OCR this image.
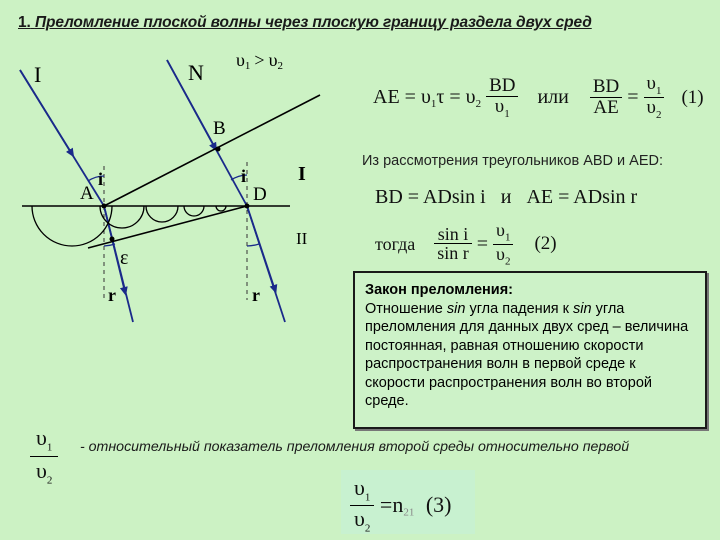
1. Преломление плоской волны через плоскую границу раздела двух сред
I	N
B
A	D
i	i
ε
r	r
I
II
υ1 > υ2
AE = $\upsilon_1\tau = \upsilon_2 \frac{BD}{\upsilon_1}$ или $\frac{BD}{AE} = \frac{\upsilon_1}{\upsilon_2} (1)$
Из рассмотрения треугольников ABD и AED:
BD = ADsin i и AE = ADsin r
тогда $\frac{\text{sin i}}{\text{sin r}} = \frac{\upsilon_1}{\upsilon_2} (2)$
Закон преломления:
Отношение sin угла падения к sin угла преломления для данных двух сред – величина постоянная, равная отношению скорости распространения волн в первой среде к скорости распространения волн во второй среде.
$\frac{\upsilon_1}{\upsilon_2}$ - относительный показатель преломления второй среды относительно первой
$\frac{\upsilon_1}{\upsilon_2} =n_{21}$ (3)
